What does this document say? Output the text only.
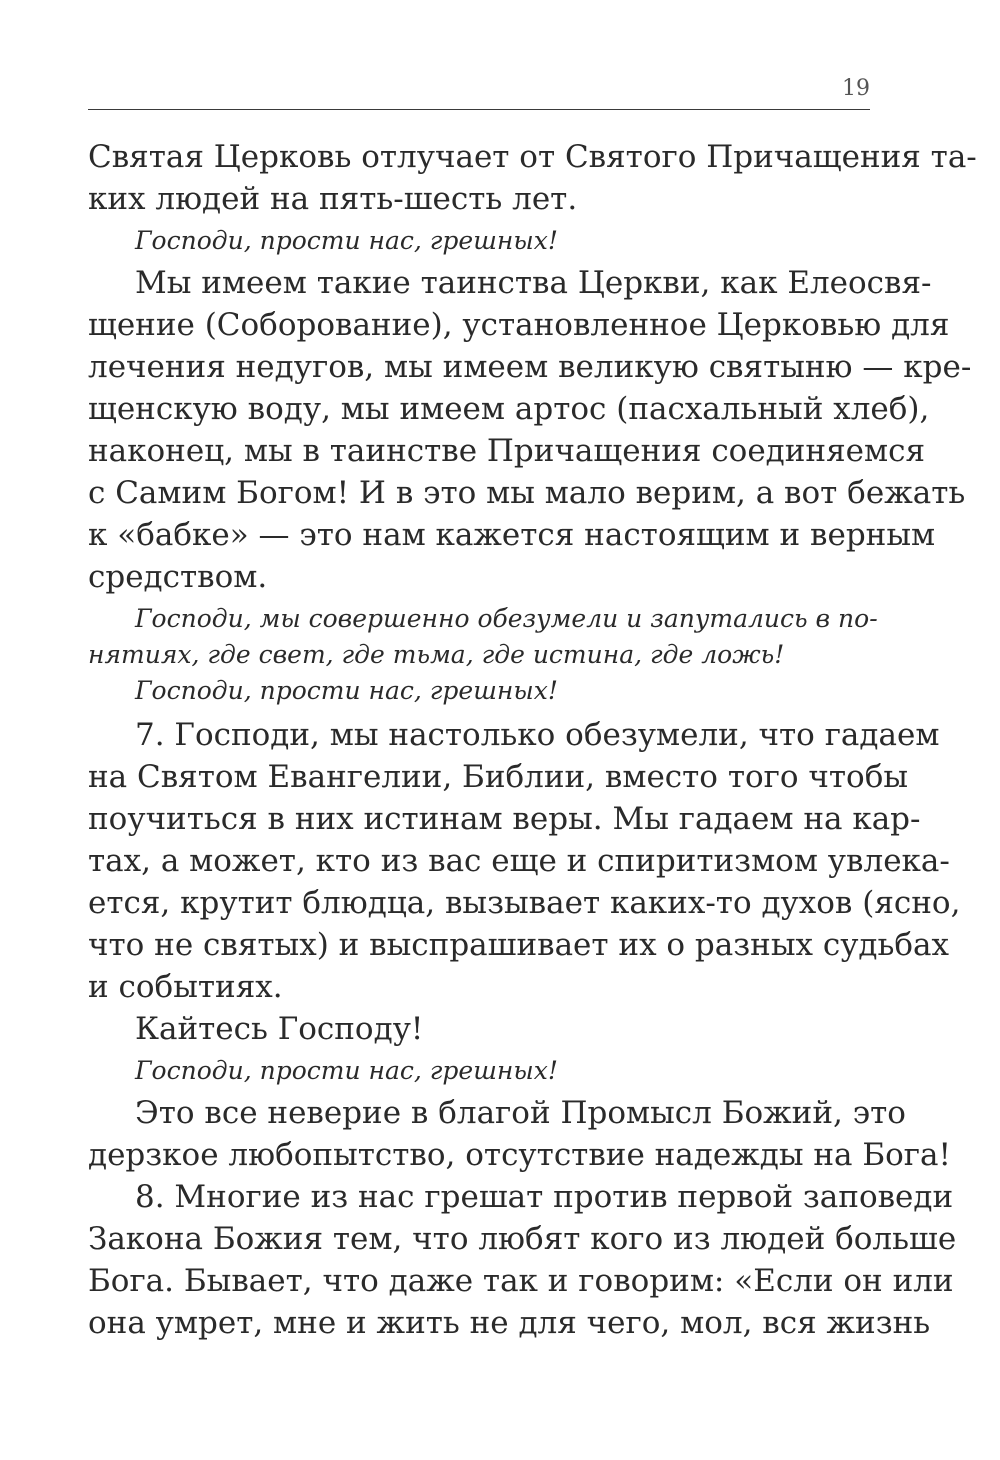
19
Святая Церковь отлучает от Святого Причащения та-
ких людей на пять-шесть лет.
Господи, прости нас, грешных!
Мы имеем такие таинства Церкви, как Елеосвя-
щение (Соборование), установленное Церковью для
лечения недугов, мы имеем великую святыню — кре-
щенскую воду, мы имеем артос (пасхальный хлеб),
наконец, мы в таинстве Причащения соединяемся
с Самим Богом! И в это мы мало верим, а вот бежать
к «бабке» — это нам кажется настоящим и верным
средством.
Господи, мы совершенно обезумели и запутались в по-
нятиях, где свет, где тьма, где истина, где ложь!
Господи, прости нас, грешных!
7. Господи, мы настолько обезумели, что гадаем
на Святом Евангелии, Библии, вместо того чтобы
поучиться в них истинам веры. Мы гадаем на кар-
тах, а может, кто из вас еще и спиритизмом увлека-
ется, крутит блюдца, вызывает каких-то духов (ясно,
что не святых) и выспрашивает их о разных судьбах
и событиях.
Кайтесь Господу!
Господи, прости нас, грешных!
Это все неверие в благой Промысл Божий, это
дерзкое любопытство, отсутствие надежды на Бога!
8. Многие из нас грешат против первой заповеди
Закона Божия тем, что любят кого из людей больше
Бога. Бывает, что даже так и говорим: «Если он или
она умрет, мне и жить не для чего, мол, вся жизнь
